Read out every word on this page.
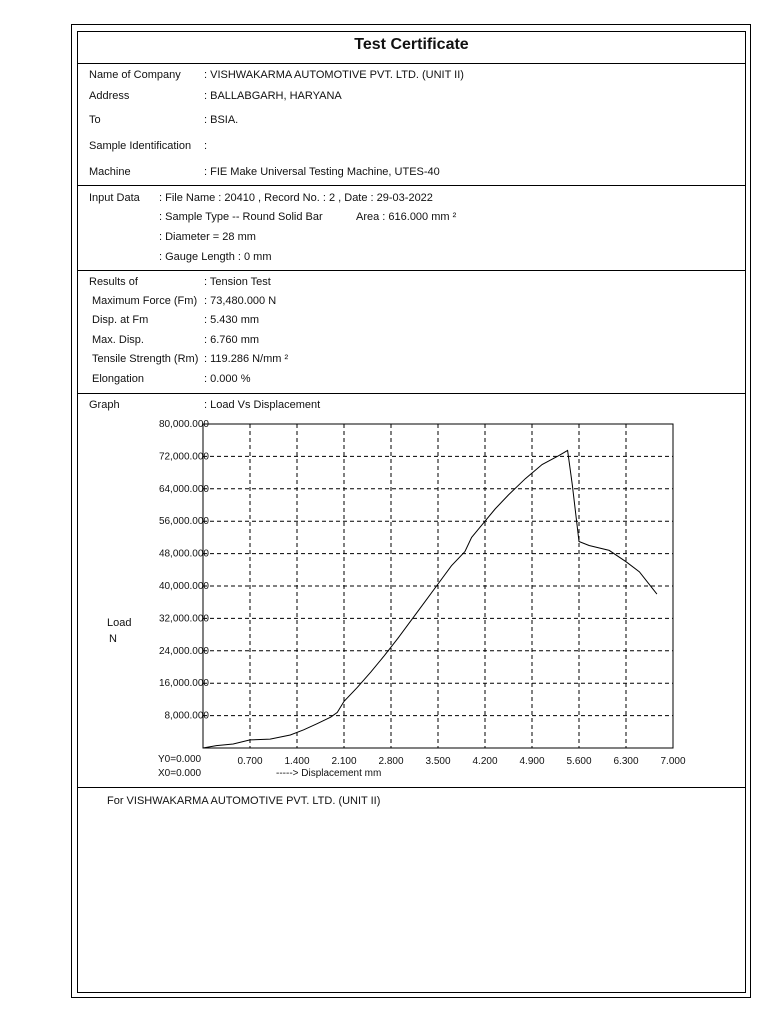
Test Certificate
Name of Company : VISHWAKARMA AUTOMOTIVE PVT. LTD. (UNIT II)
Address	: BALLABGARH, HARYANA
To	: BSIA.
Sample Identification :
Machine	: FIE Make Universal Testing Machine, UTES-40
Input Data : File Name : 20410 , Record No. : 2 , Date : 29-03-2022
: Sample Type -- Round Solid Bar	Area : 616.000 mm ²
: Diameter = 28 mm
: Gauge Length : 0 mm
Results of	: Tension Test
Maximum Force (Fm) : 73,480.000 N
Disp. at Fm	: 5.430 mm
Max. Disp.	: 6.760 mm
Tensile Strength (Rm) : 119.286 N/mm ²
Elongation	: 0.000 %
Graph	: Load Vs Displacement
Load
N
Y0=0.000
X0=0.000	-----> Displacement mm
8,000.000
16,000.000
24,000.000
32,000.000
40,000.000
48,000.000
56,000.000
64,000.000
72,000.000
80,000.000
0.700 1.400 2.100 2.800 3.500 4.200 4.900 5.600 6.300 7.000
For VISHWAKARMA AUTOMOTIVE PVT. LTD. (UNIT II)
